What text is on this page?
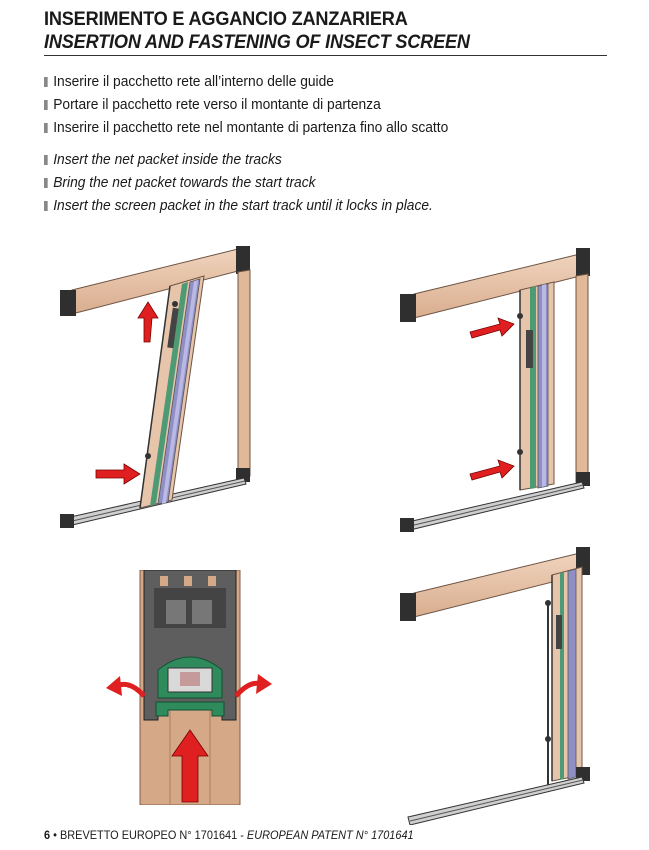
INSERIMENTO E AGGANCIO ZANZARIERA
INSERTION AND FASTENING OF INSECT SCREEN
Inserire il pacchetto rete all’interno delle guide
Portare il pacchetto rete verso il montante di partenza
Inserire il pacchetto rete nel montante di partenza fino allo scatto
Insert the net packet inside the tracks
Bring the net packet towards the start track
Insert the screen packet in the start track until it locks in place.
6 • BREVETTO EUROPEO N° 1701641 - EUROPEAN PATENT N° 1701641
